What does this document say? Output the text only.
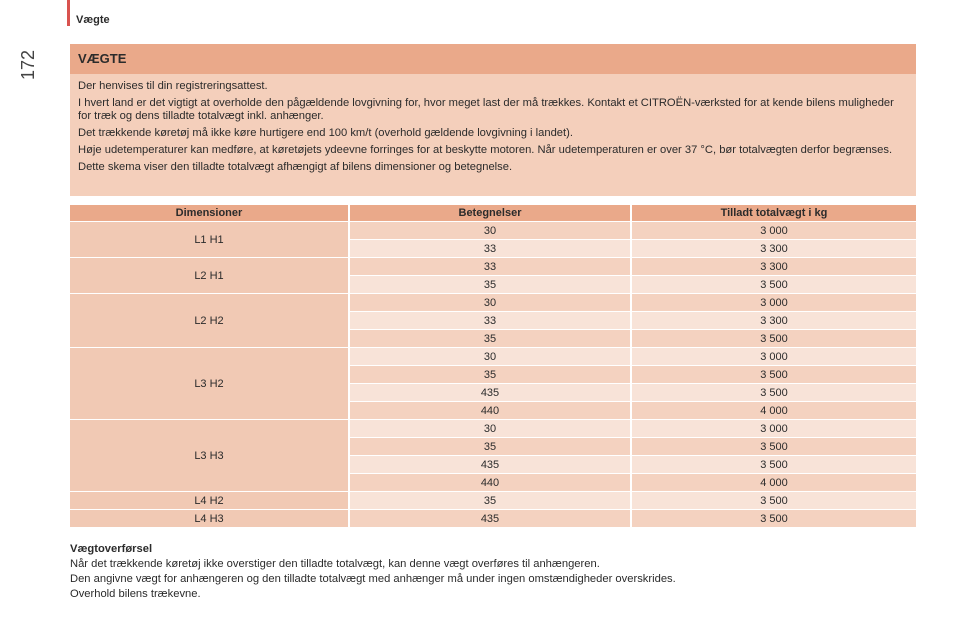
Vægte
172	VÆGTE

Der henvises til din registreringsattest.

I hvert land er det vigtigt at overholde den pågældende lovgivning for, hvor meget last der må trækkes. Kontakt et CITROËN-værksted for at kende bilens muligheder for træk og dens tilladte totalvægt inkl. anhænger.

Det trækkende køretøj må ikke køre hurtigere end 100 km/t (overhold gældende lovgivning i landet).

Høje udetemperaturer kan medføre, at køretøjets ydeevne forringes for at beskytte motoren. Når udetemperaturen er over 37 °C, bør totalvægten derfor begrænses.

Dette skema viser den tilladte totalvægt afhængigt af bilens dimensioner og betegnelse.

Dimensioner	Betegnelser	Tilladt totalvægt i kg
L1 H1	30	3 000
	33	3 300
L2 H1	33	3 300
	35	3 500
L2 H2	30	3 000
	33	3 300
	35	3 500
L3 H2	30	3 000
	35	3 500
	435	3 500
	440	4 000
L3 H3	30	3 000
	35	3 500
	435	3 500
	440	4 000
L4 H2	35	3 500
L4 H3	435	3 500

Vægtoverførsel

Når det trækkende køretøj ikke overstiger den tilladte totalvægt, kan denne vægt overføres til anhængeren.

Den angivne vægt for anhængeren og den tilladte totalvægt med anhænger må under ingen omstændigheder overskrides.

Overhold bilens trækevne.
